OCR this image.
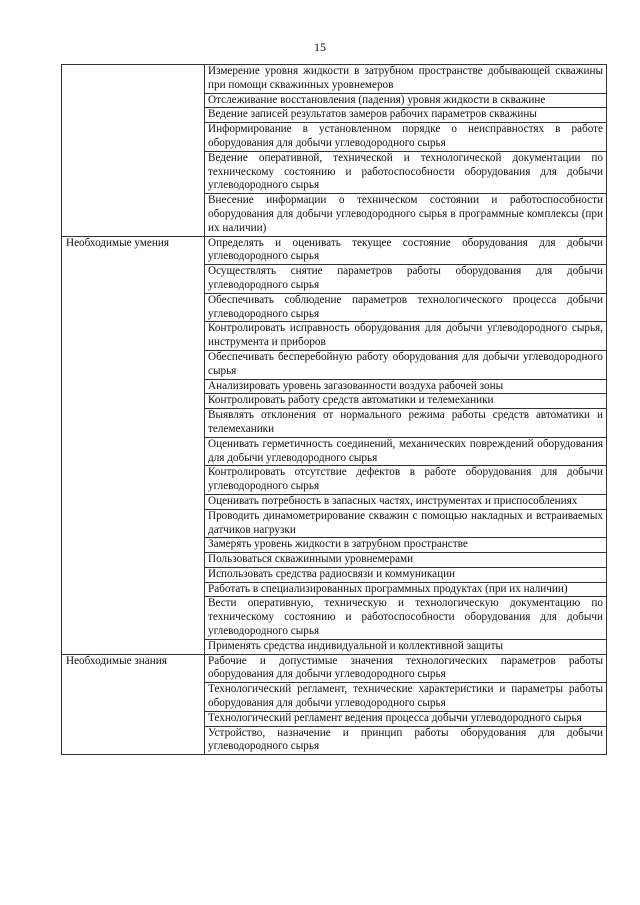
15
	Измерение уровня жидкости в затрубном пространстве добывающей скважины при помощи скважинных уровнемеров
	Отслеживание восстановления (падения) уровня жидкости в скважине
	Ведение записей результатов замеров рабочих параметров скважины
	Информирование в установленном порядке о неисправностях в работе оборудования для добычи углеводородного сырья
	Ведение оперативной, технической и технологической документации по техническому состоянию и работоспособности оборудования для добычи углеводородного сырья
	Внесение информации о техническом состоянии и работоспособности оборудования для добычи углеводородного сырья в программные комплексы (при их наличии)
Необходимые умения	Определять и оценивать текущее состояние оборудования для добычи углеводородного сырья
	Осуществлять снятие параметров работы оборудования для добычи углеводородного сырья
	Обеспечивать соблюдение параметров технологического процесса добычи углеводородного сырья
	Контролировать исправность оборудования для добычи углеводородного сырья, инструмента и приборов
	Обеспечивать бесперебойную работу оборудования для добычи углеводородного сырья
	Анализировать уровень загазованности воздуха рабочей зоны
	Контролировать работу средств автоматики и телемеханики
	Выявлять отклонения от нормального режима работы средств автоматики и телемеханики
	Оценивать герметичность соединений, механических повреждений оборудования для добычи углеводородного сырья
	Контролировать отсутствие дефектов в работе оборудования для добычи углеводородного сырья
	Оценивать потребность в запасных частях, инструментах и приспособлениях
	Проводить динамометрирование скважин с помощью накладных и встраиваемых датчиков нагрузки
	Замерять уровень жидкости в затрубном пространстве
	Пользоваться скважинными уровнемерами
	Использовать средства радиосвязи и коммуникации
	Работать в специализированных программных продуктах (при их наличии)
	Вести оперативную, техническую и технологическую документацию по техническому состоянию и работоспособности оборудования для добычи углеводородного сырья
	Применять средства индивидуальной и коллективной защиты
Необходимые знания	Рабочие и допустимые значения технологических параметров работы оборудования для добычи углеводородного сырья
	Технологический регламент, технические характеристики и параметры работы оборудования для добычи углеводородного сырья
	Технологический регламент ведения процесса добычи углеводородного сырья
	Устройство, назначение и принцип работы оборудования для добычи углеводородного сырья
